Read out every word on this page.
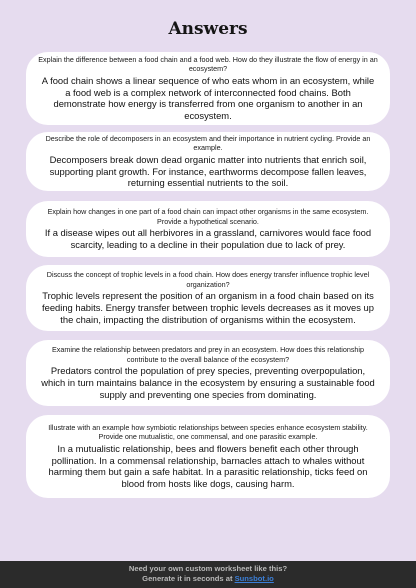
Answers
Explain the difference between a food chain and a food web. How do they illustrate the flow of energy in an ecosystem?
A food chain shows a linear sequence of who eats whom in an ecosystem, while a food web is a complex network of interconnected food chains. Both demonstrate how energy is transferred from one organism to another in an ecosystem.
Describe the role of decomposers in an ecosystem and their importance in nutrient cycling. Provide an example.
Decomposers break down dead organic matter into nutrients that enrich soil, supporting plant growth. For instance, earthworms decompose fallen leaves, returning essential nutrients to the soil.
Explain how changes in one part of a food chain can impact other organisms in the same ecosystem. Provide a hypothetical scenario.
If a disease wipes out all herbivores in a grassland, carnivores would face food scarcity, leading to a decline in their population due to lack of prey.
Discuss the concept of trophic levels in a food chain. How does energy transfer influence trophic level organization?
Trophic levels represent the position of an organism in a food chain based on its feeding habits. Energy transfer between trophic levels decreases as it moves up the chain, impacting the distribution of organisms within the ecosystem.
Examine the relationship between predators and prey in an ecosystem. How does this relationship contribute to the overall balance of the ecosystem?
Predators control the population of prey species, preventing overpopulation, which in turn maintains balance in the ecosystem by ensuring a sustainable food supply and preventing one species from dominating.
Illustrate with an example how symbiotic relationships between species enhance ecosystem stability. Provide one mutualistic, one commensal, and one parasitic example.
In a mutualistic relationship, bees and flowers benefit each other through pollination. In a commensal relationship, barnacles attach to whales without harming them but gain a safe habitat. In a parasitic relationship, ticks feed on blood from hosts like dogs, causing harm.
Need your own custom worksheet like this?
Generate it in seconds at Sunsbot.io
